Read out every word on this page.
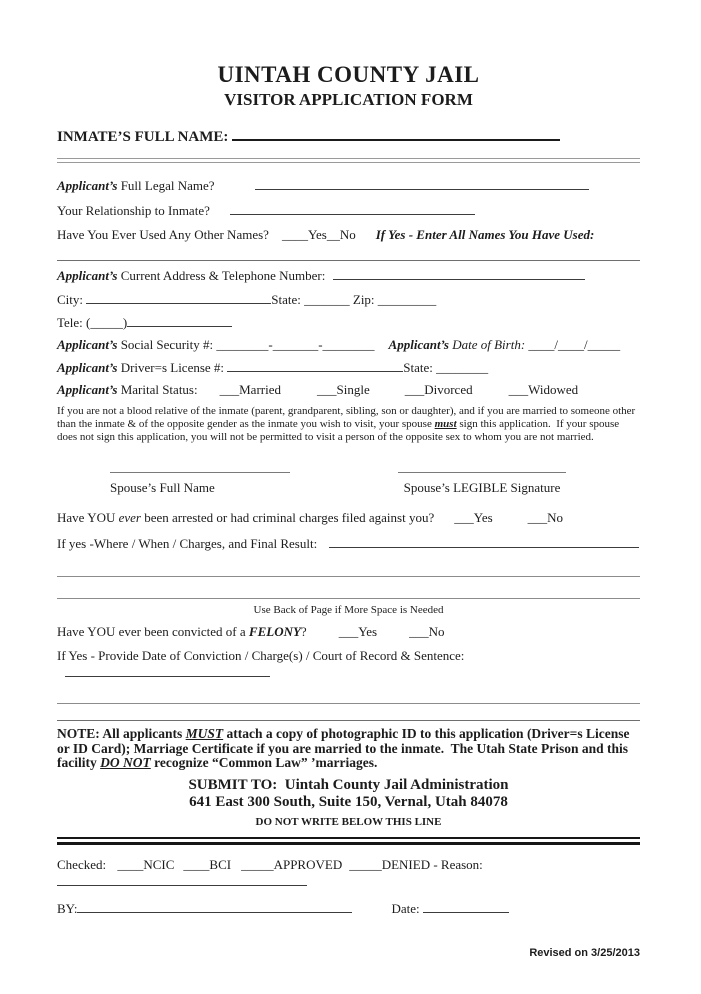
UINTAH COUNTY JAIL
VISITOR APPLICATION FORM
INMATE’S FULL NAME:
Applicant’s Full Legal Name?
Your Relationship to Inmate?
Have You Ever Used Any Other Names? ____Yes__No If Yes - Enter All Names You Have Used:
Applicant’s Current Address & Telephone Number:
City:	State: _______ Zip: _________
Tele: (_____)
Applicant’s Social Security #: ________-_______-________ Applicant’s Date of Birth: ____/____/_____
Applicant’s Driver=s License #:	State: ________
Applicant’s Marital Status: ___Married	___Single	___Divorced	___Widowed
If you are not a blood relative of the inmate (parent, grandparent, sibling, son or daughter), and if you are married to someone other than the inmate & of the opposite gender as the inmate you wish to visit, your spouse must sign this application.  If your spouse does not sign this application, you will not be permitted to visit a person of the opposite sex to whom you are not married.
Spouse’s Full Name	Spouse’s LEGIBLE Signature
Have YOU ever been arrested or had criminal charges filed against you? ___Yes	___No
If yes -Where / When / Charges, and Final Result:
Use Back of Page if More Space is Needed
Have YOU ever been convicted of a FELONY? ___Yes ___No
If Yes - Provide Date of Conviction / Charge(s) / Court of Record & Sentence:
NOTE: All applicants MUST attach a copy of photographic ID to this application (Driver=s License or ID Card); Marriage Certificate if you are married to the inmate.  The Utah State Prison and this facility DO NOT recognize “Common Law” ’marriages.
SUBMIT TO:  Uintah County Jail Administration
641 East 300 South, Suite 150, Vernal, Utah 84078
DO NOT WRITE BELOW THIS LINE
Checked: ____NCIC ____BCI _____APPROVED _____DENIED - Reason:
BY:	Date:
Revised on 3/25/2013
